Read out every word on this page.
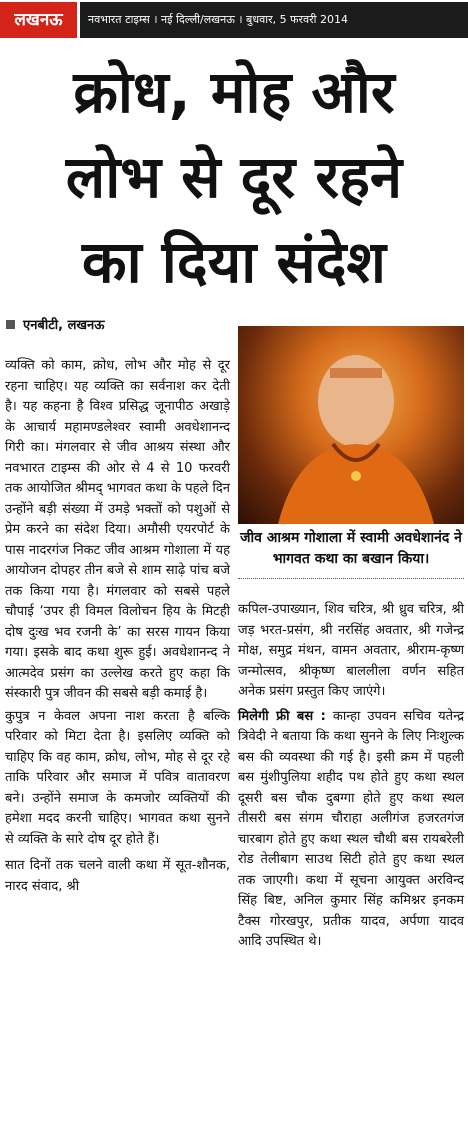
लखनऊ	नवभारत टाइम्स । नई दिल्ली/लखनऊ । बुधवार, 5 फरवरी 2014
क्रोध, मोह और
लोभ से दूर रहने
का दिया संदेश
एनबीटी, लखनऊ

व्यक्ति को काम, क्रोध, लोभ और मोह से दूर रहना चाहिए। यह व्यक्ति का सर्वनाश कर देती है। यह कहना है विश्व प्रसिद्ध जूनापीठ अखाड़े के आचार्य महामण्डलेश्वर स्वामी अवधेशानन्द गिरी का। मंगलवार से जीव आश्रय संस्था और नवभारत टाइम्स की ओर से 4 से 10 फरवरी तक आयोजित श्रीमद् भागवत कथा के पहले दिन उन्होंने बड़ी संख्या में उमड़े भक्तों को पशुओं से प्रेम करने का संदेश दिया। अमौसी एयरपोर्ट के पास नादरगंज निकट जीव आश्रम गोशाला में यह आयोजन दोपहर तीन बजे से शाम साढ़े पांच बजे तक किया गया है। मंगलवार को सबसे पहले चौपाई ‘उपर ही विमल विलोचन हिय के मिटही दोष दुःख भव रजनी के’ का सरस गायन किया गया। इसके बाद कथा शुरू हुई। अवधेशानन्द ने आत्मदेव प्रसंग का उल्लेख करते हुए कहा कि संस्कारी पुत्र जीवन की सबसे बड़ी कमाई है।

कुपुत्र न केवल अपना नाश करता है बल्कि परिवार को मिटा देता है। इसलिए व्यक्ति को चाहिए कि वह काम, क्रोध, लोभ, मोह से दूर रहे ताकि परिवार और समाज में पवित्र वातावरण बने। उन्होंने समाज के कमजोर व्यक्तियों की हमेशा मदद करनी चाहिए। भागवत कथा सुनने से व्यक्ति के सारे दोष दूर होते हैं।

सात दिनों तक चलने वाली कथा में सूत-शौनक, नारद संवाद, श्री

जीव आश्रम गोशाला में स्वामी अवधेशानंद ने भागवत कथा का बखान किया।

कपिल-उपाख्यान, शिव चरित्र, श्री ध्रुव चरित्र, श्री जड़ भरत-प्रसंग, श्री नरसिंह अवतार, श्री गजेन्द्र मोक्ष, समुद्र मंथन, वामन अवतार, श्रीराम-कृष्ण जन्मोत्सव, श्रीकृष्ण बाललीला वर्णन सहित अनेक प्रसंग प्रस्तुत किए जाएंगे।

मिलेगी फ्री बस : कान्हा उपवन सचिव यतेन्द्र त्रिवेदी ने बताया कि कथा सुनने के लिए निःशुल्क बस की व्यवस्था की गई है। इसी क्रम में पहली बस मुंशीपुलिया शहीद पथ होते हुए कथा स्थल दूसरी बस चौक दुबग्गा होते हुए कथा स्थल तीसरी बस संगम चौराहा अलीगंज हजरतगंज चारबाग होते हुए कथा स्थल चौथी बस रायबरेली रोड तेलीबाग साउथ सिटी होते हुए कथा स्थल तक जाएगी। कथा में सूचना आयुक्त अरविन्द सिंह बिष्ट, अनिल कुमार सिंह कमिश्नर इनकम टैक्स गोरखपुर, प्रतीक यादव, अर्पणा यादव आदि उपस्थित थे।
